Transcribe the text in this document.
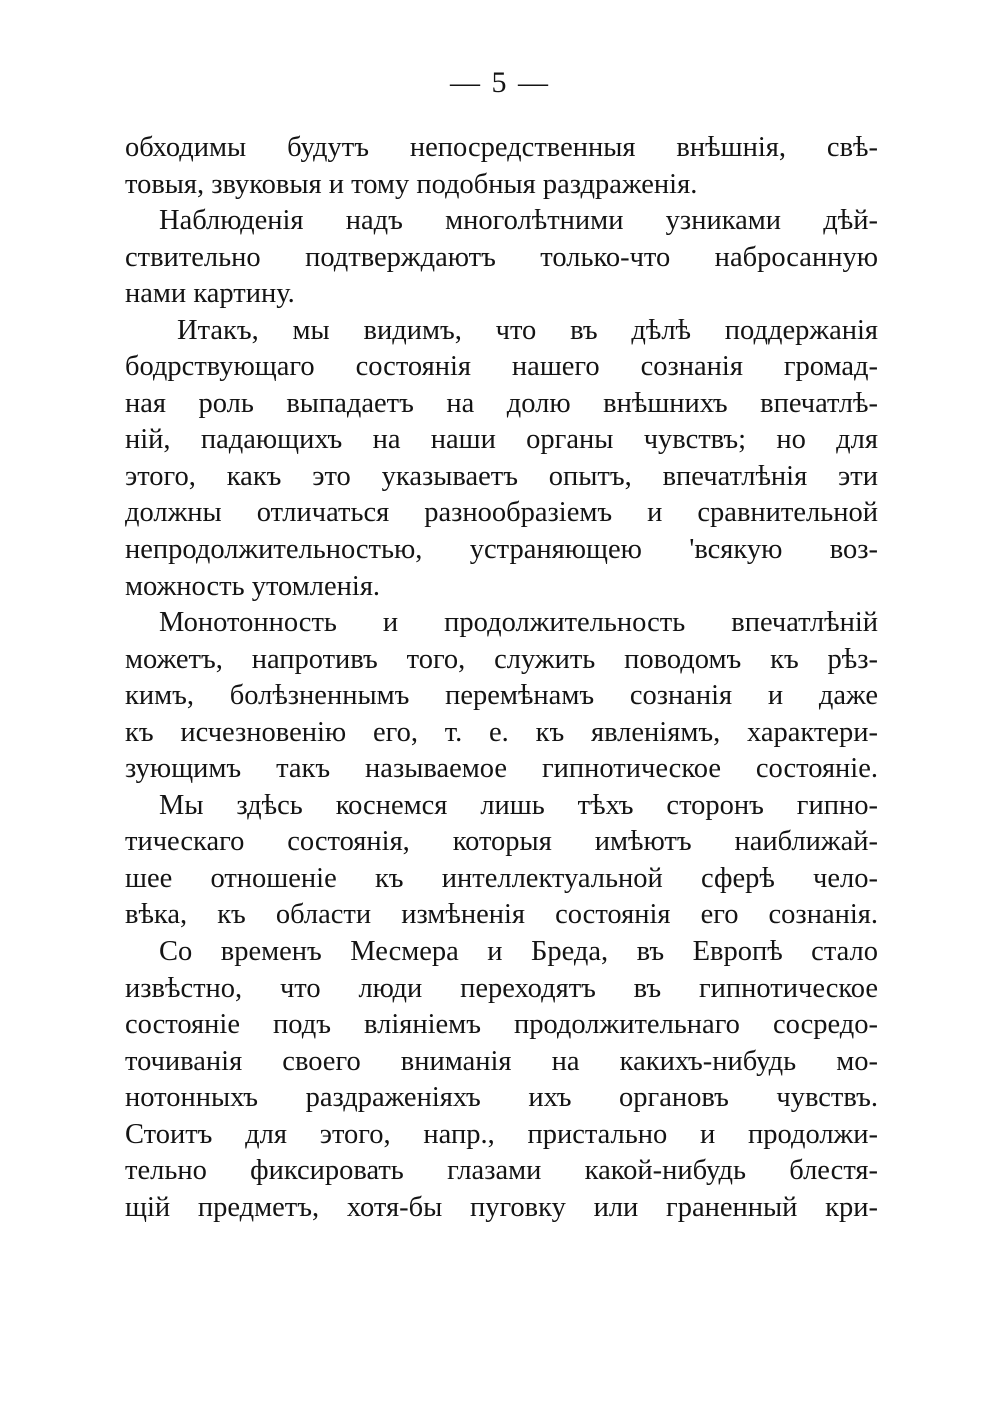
— 5 —
обходимы будутъ непосредственныя внѣшнія, свѣ-
товыя, звуковыя и тому подобныя раздраженія.
Наблюденія надъ многолѣтними узниками дѣй-
ствительно подтверждаютъ только-что набросанную
нами картину.
Итакъ, мы видимъ, что въ дѣлѣ поддержанія
бодрствующаго состоянія нашего сознанія громад-
ная роль выпадаетъ на долю внѣшнихъ впечатлѣ-
ній, падающихъ на наши органы чувствъ; но для
этого, какъ это указываетъ опытъ, впечатлѣнія эти
должны отличаться разнообразіемъ и сравнительной
непродолжительностью, устраняющею 'всякую воз-
можность утомленія.
Монотонность и продолжительность впечатлѣній
можетъ, напротивъ того, служить поводомъ къ рѣз-
кимъ, болѣзненнымъ перемѣнамъ сознанія и даже
къ исчезновенію его, т. е. къ явленіямъ, характери-
зующимъ такъ называемое гипнотическое состояніе.
Мы здѣсь коснемся лишь тѣхъ сторонъ гипно-
тическаго состоянія, которыя имѣютъ наиближай-
шее отношеніе къ интеллектуальной сферѣ чело-
вѣка, къ области измѣненія состоянія его сознанія.
Со временъ Месмера и Бреда, въ Европѣ стало
извѣстно, что люди переходятъ въ гипнотическое
состояніе подъ вліяніемъ продолжительнаго сосредо-
точиванія своего вниманія на какихъ-нибудь мо-
нотонныхъ раздраженіяхъ ихъ органовъ чувствъ.
Стоитъ для этого, напр., пристально и продолжи-
тельно фиксировать глазами какой-нибудь блестя-
щій предметъ, хотя-бы пуговку или граненный кри-
